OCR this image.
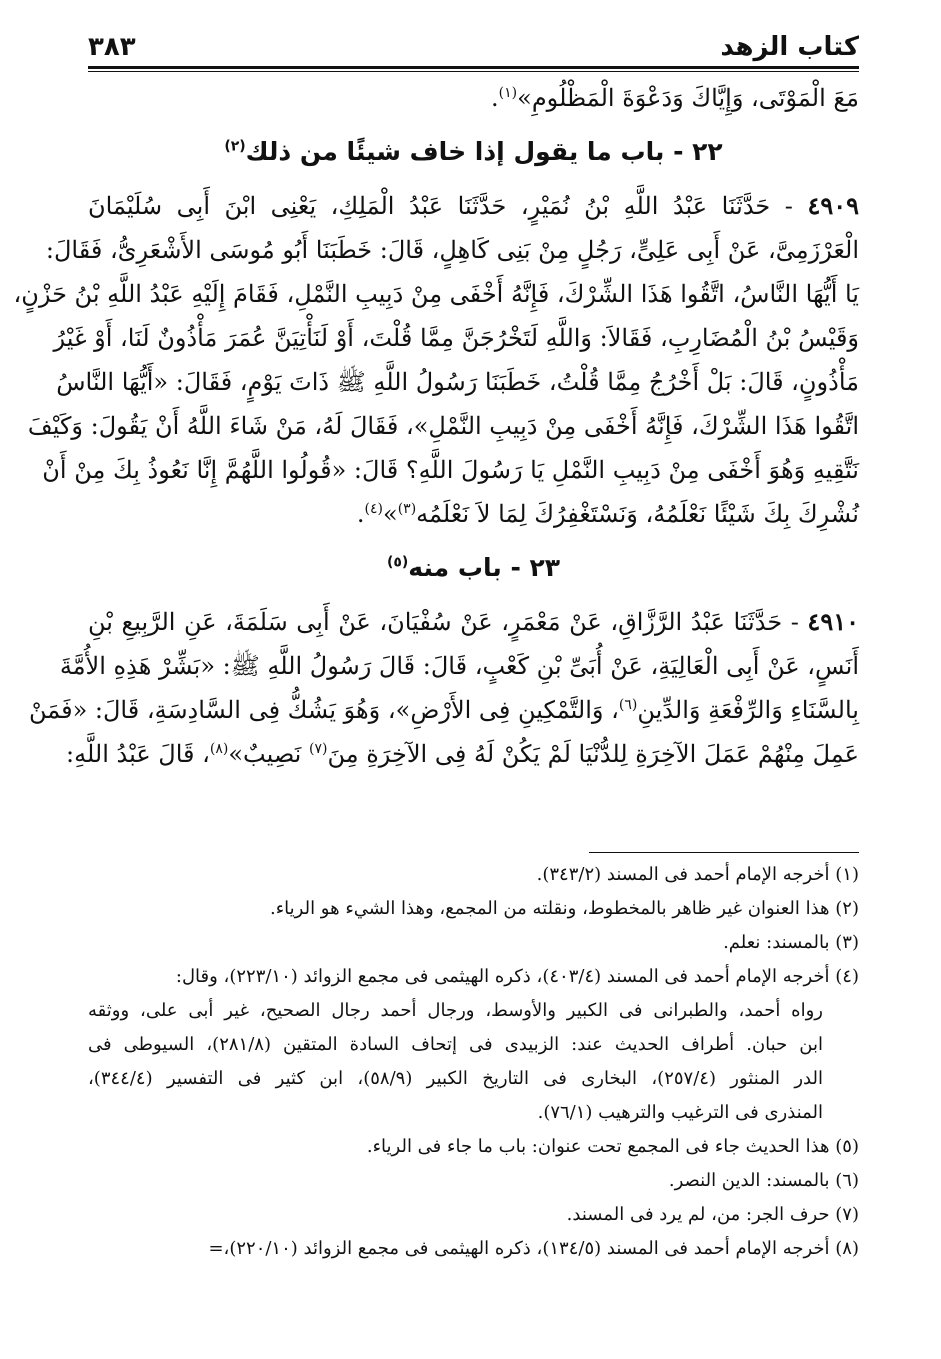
كتاب الزهد
٣٨٣
مَعَ الْمَوْتَى، وَإِيَّاكَ وَدَعْوَةَ الْمَظْلُومِ»$^{(١)}$.
٢٢ - باب ما يقول إذا خاف شيئًا من ذلك$^{(٢)}$
٤٩٠٩ - حَدَّثَنَا عَبْدُ اللَّهِ بْنُ نُمَيْرٍ، حَدَّثَنَا عَبْدُ الْمَلِكِ، يَعْنِى ابْنَ أَبِى سُلَيْمَانَ
الْعَرْزَمِىَّ، عَنْ أَبِى عَلِىٍّ، رَجُلٍ مِنْ بَنِى كَاهِلٍ، قَالَ: خَطَبَنَا أَبُو مُوسَى الأَشْعَرِىُّ، فَقَالَ:
يَا أَيُّهَا النَّاسُ، اتَّقُوا هَذَا الشِّرْكَ، فَإِنَّهُ أَخْفَى مِنْ دَبِيبِ النَّمْلِ، فَقَامَ إِلَيْهِ عَبْدُ اللَّهِ بْنُ حَزْنٍ،
وَقَيْسُ بْنُ الْمُضَارِبِ، فَقَالاَ: وَاللَّهِ لَتَخْرُجَنَّ مِمَّا قُلْتَ، أَوْ لَنَأْتِيَنَّ عُمَرَ مَأْذُونٌ لَنَا، أَوْ غَيْرُ
مَأْذُونٍ، قَالَ: بَلْ أَخْرُجُ مِمَّا قُلْتُ، خَطَبَنَا رَسُولُ اللَّهِ ﷺ ذَاتَ يَوْمٍ، فَقَالَ: «أَيُّهَا النَّاسُ
اتَّقُوا هَذَا الشِّرْكَ، فَإِنَّهُ أَخْفَى مِنْ دَبِيبِ النَّمْلِ»، فَقَالَ لَهُ، مَنْ شَاءَ اللَّهُ أَنْ يَقُولَ: وَكَيْفَ
نَتَّقِيهِ وَهُوَ أَخْفَى مِنْ دَبِيبِ النَّمْلِ يَا رَسُولَ اللَّهِ؟ قَالَ: «قُولُوا اللَّهُمَّ إِنَّا نَعُوذُ بِكَ مِنْ أَنْ
نُشْرِكَ بِكَ شَيْئًا نَعْلَمُهُ، وَنَسْتَغْفِرُكَ لِمَا لاَ نَعْلَمُه$^{(٣)}$»$^{(٤)}$.
٢٣ - باب منه$^{(٥)}$
٤٩١٠ - حَدَّثَنَا عَبْدُ الرَّزَّاقِ، عَنْ مَعْمَرٍ، عَنْ سُفْيَانَ، عَنْ أَبِى سَلَمَةَ، عَنِ الرَّبِيعِ بْنِ
أَنَسٍ، عَنْ أَبِى الْعَالِيَةِ، عَنْ أُبَىِّ بْنِ كَعْبٍ، قَالَ: قَالَ رَسُولُ اللَّهِ ﷺ: «بَشِّرْ هَذِهِ الأُمَّةَ
بِالسَّنَاءِ وَالرِّفْعَةِ وَالدِّينِ$^{(٦)}$، وَالتَّمْكِينِ فِى الأَرْضِ»، وَهُوَ يَشُكُّ فِى السَّادِسَةِ، قَالَ: «فَمَنْ
عَمِلَ مِنْهُمْ عَمَلَ الآخِرَةِ لِلدُّنْيَا لَمْ يَكُنْ لَهُ فِى الآخِرَةِ مِنَ$^{(٧)}$ نَصِيبٌ»$^{(٨)}$، قَالَ عَبْدُ اللَّهِ:
(١) أخرجه الإمام أحمد فى المسند (٣٤٣/٢).
(٢) هذا العنوان غير ظاهر بالمخطوط، ونقلته من المجمع، وهذا الشيء هو الرياء.
(٣) بالمسند: نعلم.
(٤) أخرجه الإمام أحمد فى المسند (٤٠٣/٤)، ذكره الهيثمى فى مجمع الزوائد (٢٢٣/١٠)، وقال:
رواه أحمد، والطبرانى فى الكبير والأوسط، ورجال أحمد رجال الصحيح، غير أبى على، ووثقه
ابن حبان. أطراف الحديث عند: الزبيدى فى إتحاف السادة المتقين (٢٨١/٨)، السيوطى فى
الدر المنثور (٢٥٧/٤)، البخارى فى التاريخ الكبير (٥٨/٩)، ابن كثير فى التفسير (٣٤٤/٤)،
المنذرى فى الترغيب والترهيب (٧٦/١).
(٥) هذا الحديث جاء فى المجمع تحت عنوان: باب ما جاء فى الرياء.
(٦) بالمسند: الدين النصر.
(٧) حرف الجر: من، لم يرد فى المسند.
(٨) أخرجه الإمام أحمد فى المسند (١٣٤/٥)، ذكره الهيثمى فى مجمع الزوائد (٢٢٠/١٠)،=
